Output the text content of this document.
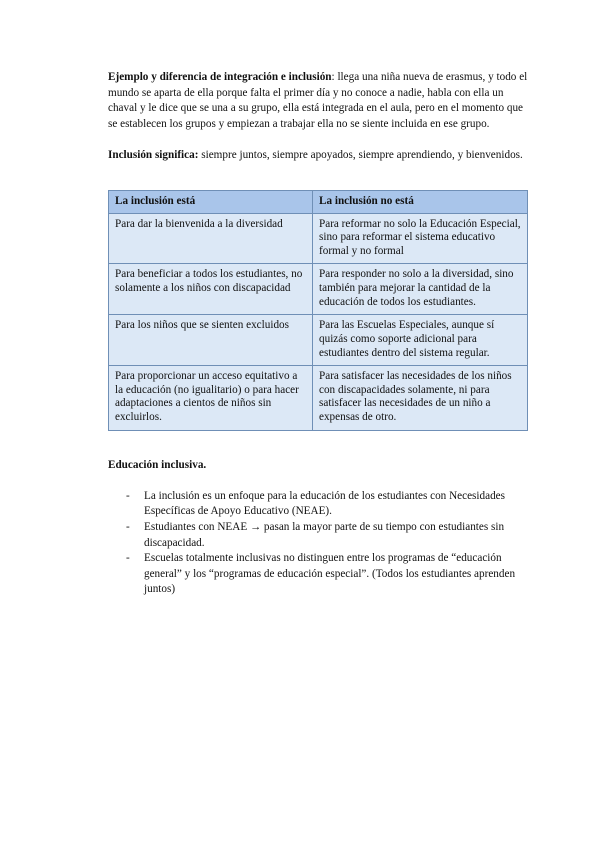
Ejemplo y diferencia de integración e inclusión: llega una niña nueva de erasmus, y todo el mundo se aparta de ella porque falta el primer día y no conoce a nadie, habla con ella un chaval y le dice que se una a su grupo, ella está integrada en el aula, pero en el momento que se establecen los grupos y empiezan a trabajar ella no se siente incluida en ese grupo.

Inclusión significa: siempre juntos, siempre apoyados, siempre aprendiendo, y bienvenidos.

La inclusión está	La inclusión no está
Para dar la bienvenida a la diversidad	Para reformar no solo la Educación Especial, sino para reformar el sistema educativo formal y no formal
Para beneficiar a todos los estudiantes, no solamente a los niños con discapacidad	Para responder no solo a la diversidad, sino también para mejorar la cantidad de la educación de todos los estudiantes.
Para los niños que se sienten excluidos	Para las Escuelas Especiales, aunque sí quizás como soporte adicional para estudiantes dentro del sistema regular.
Para proporcionar un acceso equitativo a la educación (no igualitario) o para hacer adaptaciones a cientos de niños sin excluirlos.	Para satisfacer las necesidades de los niños con discapacidades solamente, ni para satisfacer las necesidades de un niño a expensas de otro.

Educación inclusiva.

- La inclusión es un enfoque para la educación de los estudiantes con Necesidades Específicas de Apoyo Educativo (NEAE).
- Estudiantes con NEAE → pasan la mayor parte de su tiempo con estudiantes sin discapacidad.
- Escuelas totalmente inclusivas no distinguen entre los programas de “educación general” y los “programas de educación especial”. (Todos los estudiantes aprenden juntos)
